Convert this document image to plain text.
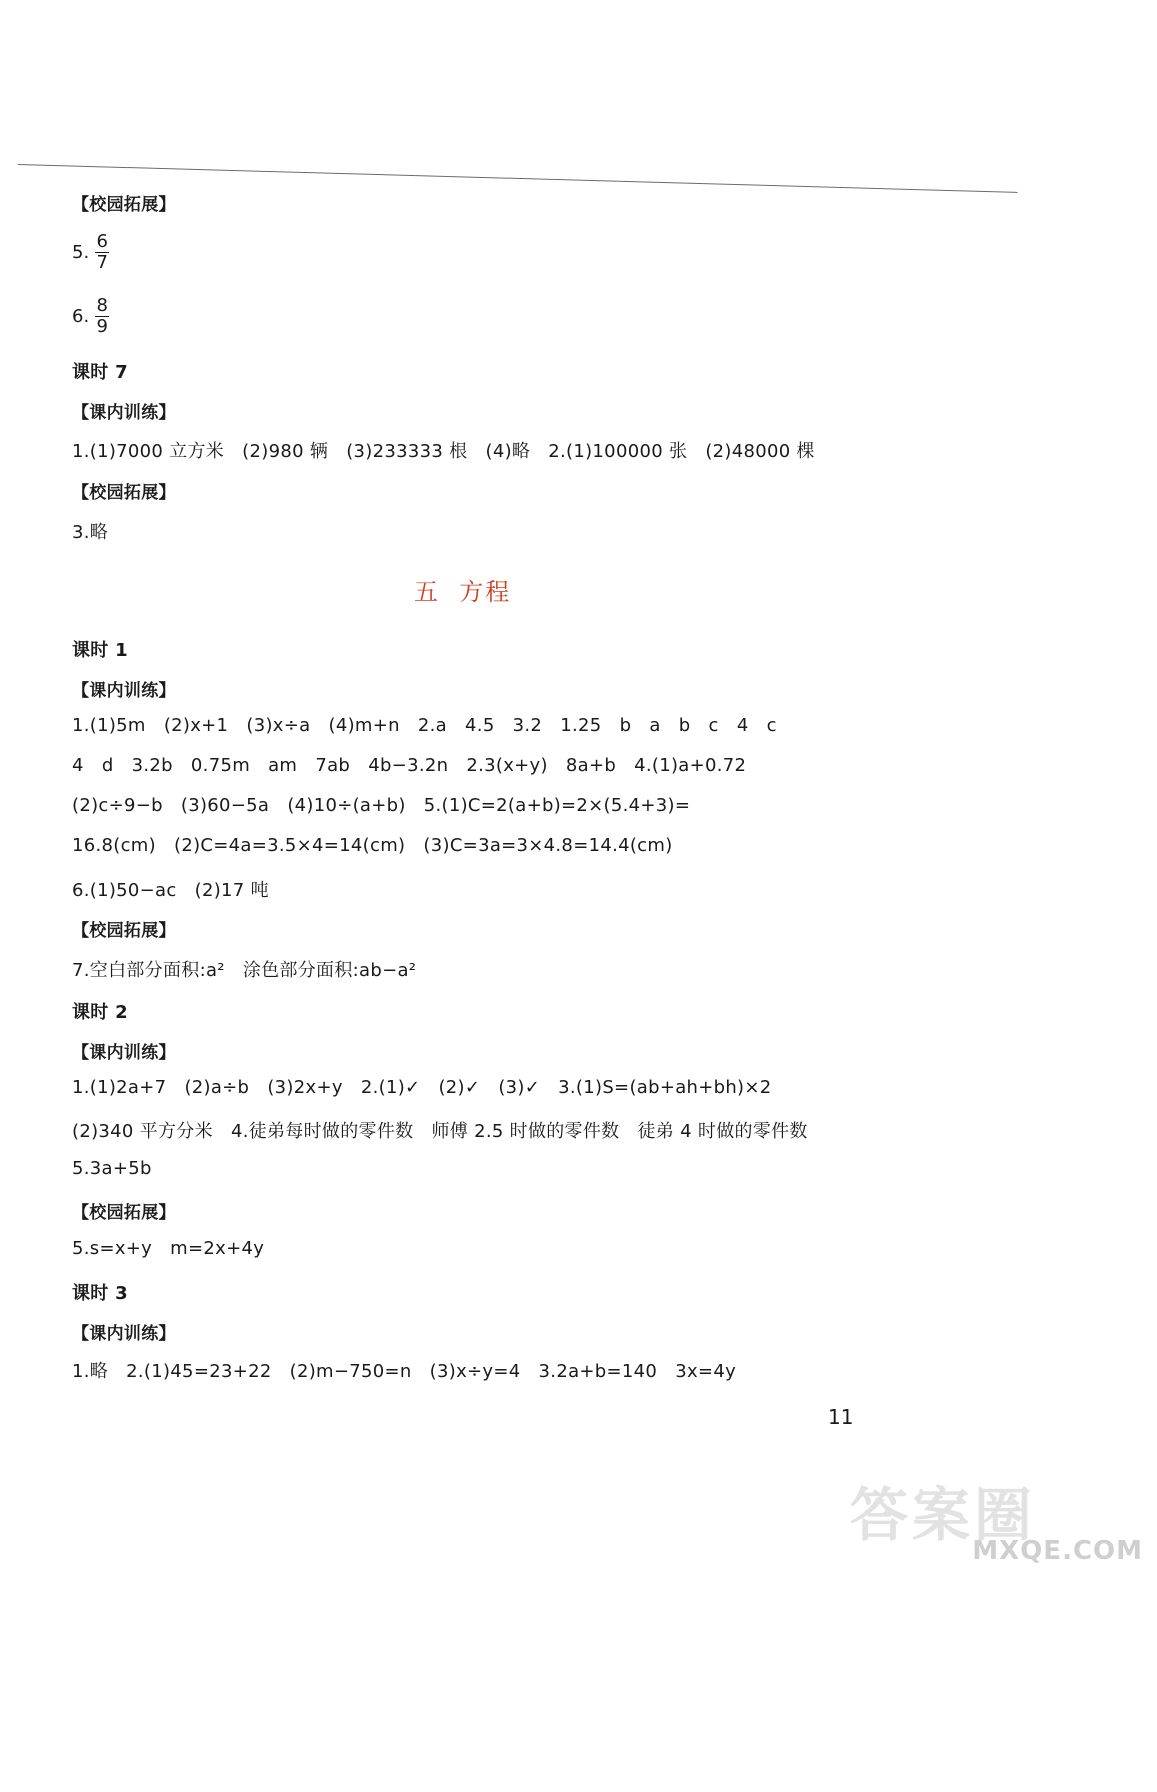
【校园拓展】
5. $\frac{6}{7}$
6. $\frac{8}{9}$
课时 7
【课内训练】
1.(1)7000 立方米   (2)980 辆   (3)233333 根   (4)略   2.(1)100000 张   (2)48000 棵
【校园拓展】
3.略
五  方程
课时 1
【课内训练】
1.(1)5m   (2)x+1   (3)x÷a   (4)m+n   2.a   4.5   3.2   1.25   b   a   b   c   4   c
4   d   3.2b   0.75m   am   7ab   4b−3.2n   2.3(x+y)   8a+b   4.(1)a+0.72
(2)c÷9−b   (3)60−5a   (4)10÷(a+b)   5.(1)C=2(a+b)=2×(5.4+3)=
16.8(cm)   (2)C=4a=3.5×4=14(cm)   (3)C=3a=3×4.8=14.4(cm)
6.(1)50−ac   (2)17 吨
【校园拓展】
7.空白部分面积:a²   涂色部分面积:ab−a²
课时 2
【课内训练】
1.(1)2a+7   (2)a÷b   (3)2x+y   2.(1)✓   (2)✓   (3)✓   3.(1)S=(ab+ah+bh)×2
(2)340 平方分米   4.徒弟每时做的零件数   师傅 2.5 时做的零件数   徒弟 4 时做的零件数
5.3a+5b
【校园拓展】
5.s=x+y   m=2x+4y
课时 3
【课内训练】
1.略   2.(1)45=23+22   (2)m−750=n   (3)x÷y=4   3.2a+b=140   3x=4y
11
答案圈
MXQE.COM
